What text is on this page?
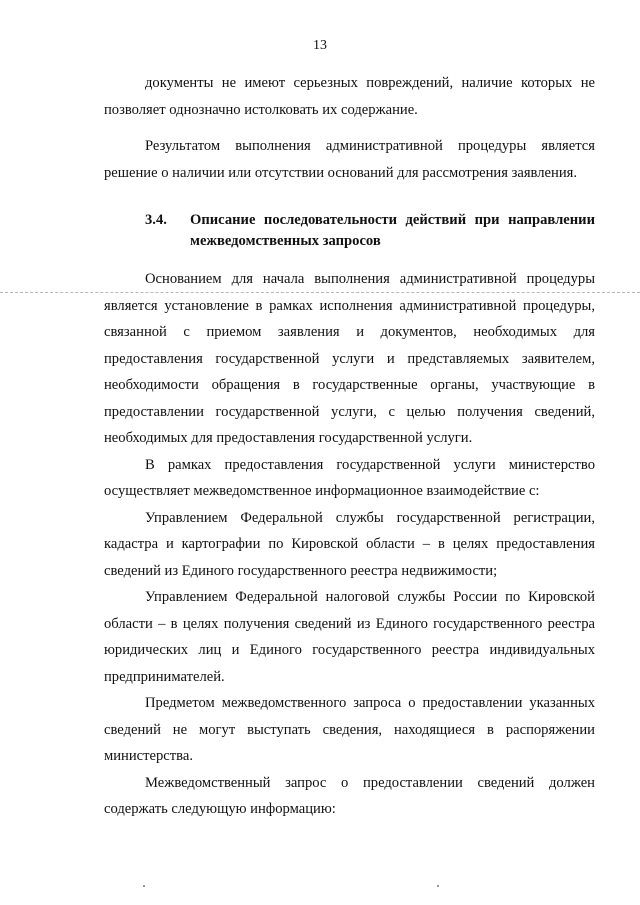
13

документы не имеют серьезных повреждений, наличие которых не позволяет однозначно истолковать их содержание.

Результатом выполнения административной процедуры является решение о наличии или отсутствии оснований для рассмотрения заявления.

3.4.	Описание последовательности действий при направлении межведомственных запросов

Основанием для начала выполнения административной процедуры является установление в рамках исполнения административной процедуры, связанной с приемом заявления и документов, необходимых для предоставления государственной услуги и представляемых заявителем, необходимости обращения в государственные органы, участвующие в предоставлении государственной услуги, с целью получения сведений, необходимых для предоставления государственной услуги.

В рамках предоставления государственной услуги министерство осуществляет межведомственное информационное взаимодействие с:

Управлением Федеральной службы государственной регистрации, кадастра и картографии по Кировской области – в целях предоставления сведений из Единого государственного реестра недвижимости;

Управлением Федеральной налоговой службы России по Кировской области – в целях получения сведений из Единого государственного реестра юридических лиц и Единого государственного реестра индивидуальных предпринимателей.

Предметом межведомственного запроса о предоставлении указанных сведений не могут выступать сведения, находящиеся в распоряжении министерства.

Межведомственный запрос о предоставлении сведений должен содержать следующую информацию:
